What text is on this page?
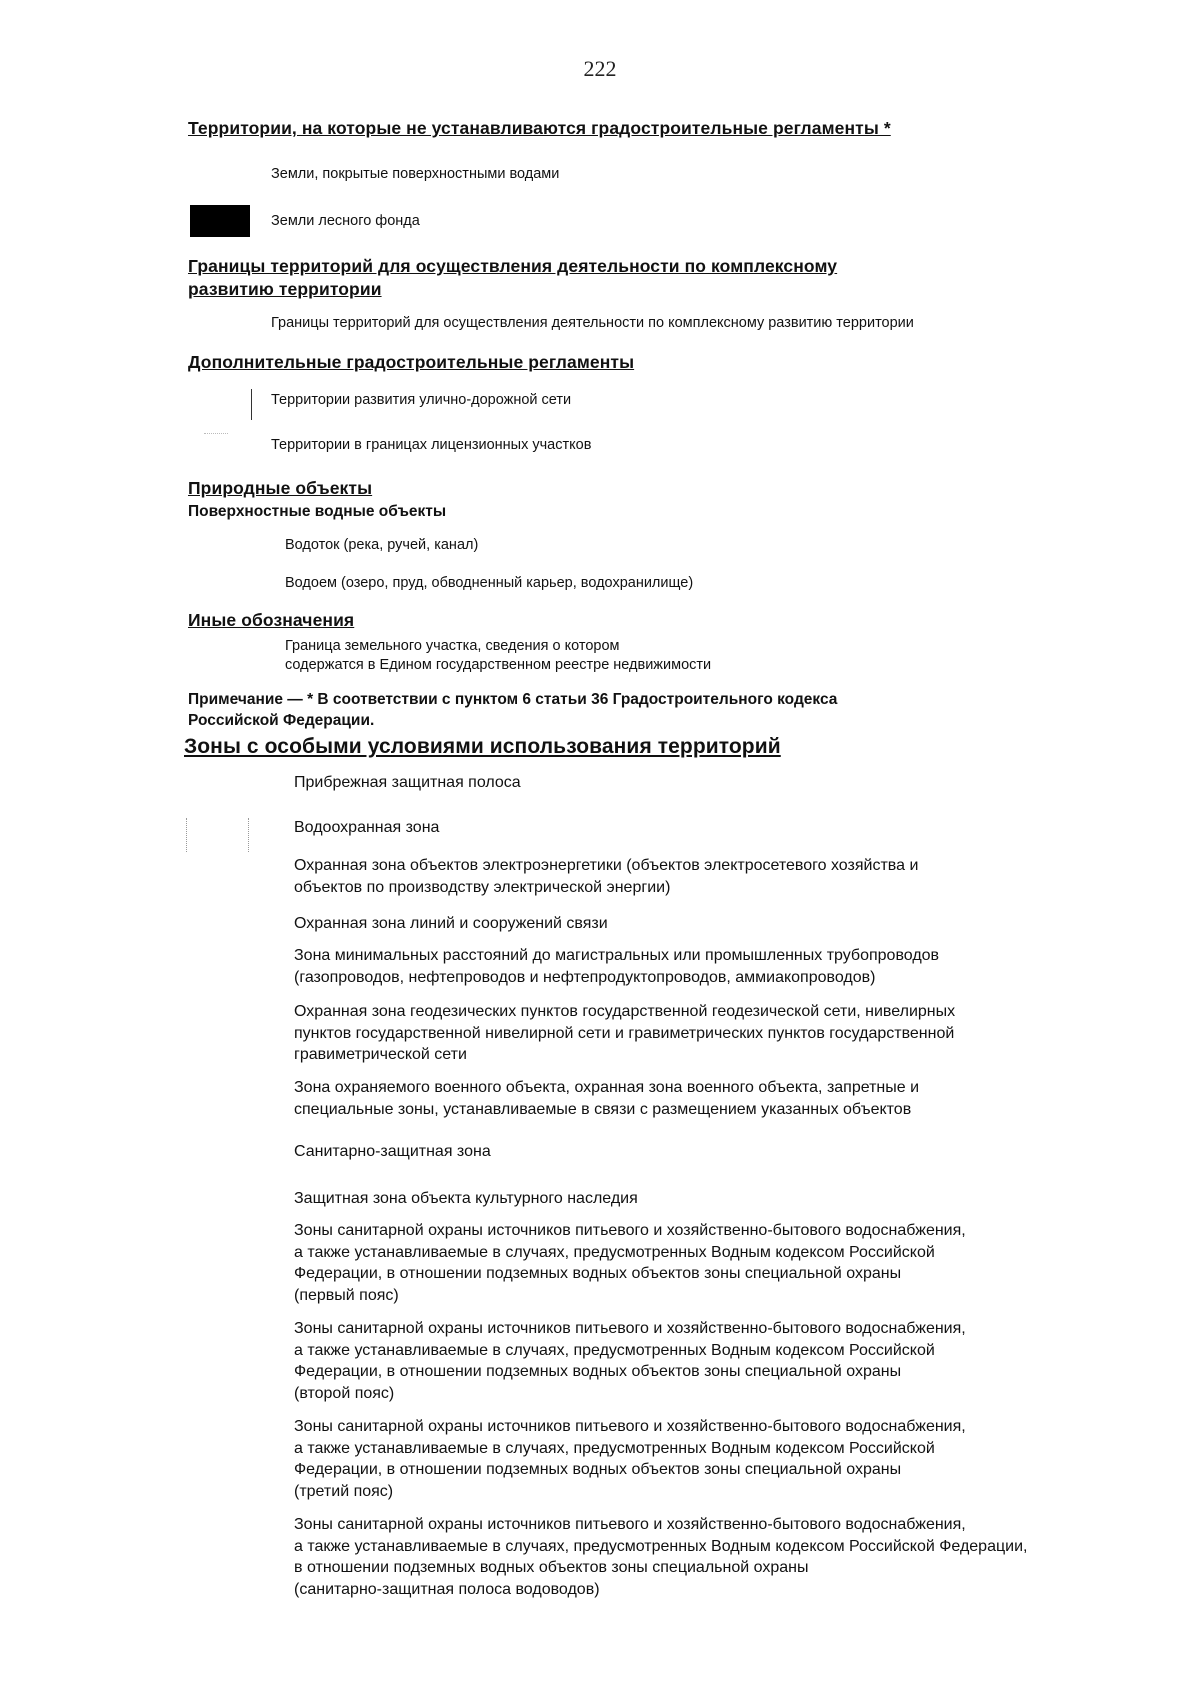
222
Территории, на которые не устанавливаются градостроительные регламенты *
Земли, покрытые поверхностными водами
Земли лесного фонда
Границы территорий для осуществления деятельности по комплексному
развитию территории
Границы территорий для осуществления деятельности по комплексному развитию территории
Дополнительные градостроительные регламенты
Территории развития улично-дорожной сети
Территории в границах лицензионных участков
Природные объекты
Поверхностные водные объекты
Водоток (река, ручей, канал)
Водоем (озеро, пруд, обводненный карьер, водохранилище)
Иные обозначения
Граница земельного участка, сведения о котором
содержатся в Едином государственном реестре недвижимости
Примечание — * В соответствии с пунктом 6 статьи 36 Градостроительного кодекса
Российской Федерации.
Зоны с особыми условиями использования территорий
Прибрежная защитная полоса
Водоохранная зона
Охранная зона объектов электроэнергетики (объектов электросетевого хозяйства и
объектов по производству электрической энергии)
Охранная зона линий и сооружений связи
Зона минимальных расстояний до магистральных или промышленных трубопроводов
(газопроводов, нефтепроводов и нефтепродуктопроводов, аммиакопроводов)
Охранная зона геодезических пунктов государственной геодезической сети, нивелирных
пунктов государственной нивелирной сети и гравиметрических пунктов государственной
гравиметрической сети
Зона охраняемого военного объекта, охранная зона военного объекта, запретные и
специальные зоны, устанавливаемые в связи с размещением указанных объектов
Санитарно-защитная зона
Защитная зона объекта культурного наследия
Зоны санитарной охраны источников питьевого и хозяйственно-бытового водоснабжения,
а также устанавливаемые в случаях, предусмотренных Водным кодексом Российской
Федерации, в отношении подземных водных объектов зоны специальной охраны
(первый пояс)
Зоны санитарной охраны источников питьевого и хозяйственно-бытового водоснабжения,
а также устанавливаемые в случаях, предусмотренных Водным кодексом Российской
Федерации, в отношении подземных водных объектов зоны специальной охраны
(второй пояс)
Зоны санитарной охраны источников питьевого и хозяйственно-бытового водоснабжения,
а также устанавливаемые в случаях, предусмотренных Водным кодексом Российской
Федерации, в отношении подземных водных объектов зоны специальной охраны
(третий пояс)
Зоны санитарной охраны источников питьевого и хозяйственно-бытового водоснабжения,
а также устанавливаемые в случаях, предусмотренных Водным кодексом Российской Федерации,
в отношении подземных водных объектов зоны специальной охраны
(санитарно-защитная полоса водоводов)
